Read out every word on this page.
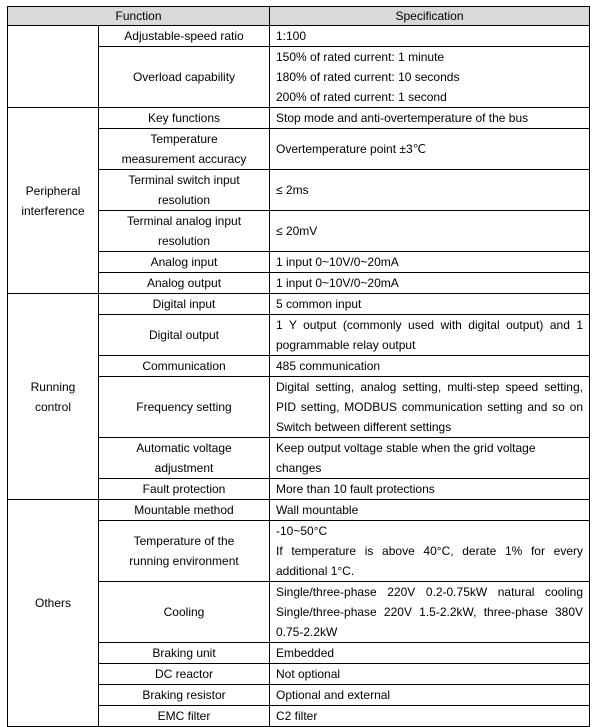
Function		Specification

	Adjustable-speed ratio	1:100

	Overload capability	150% of rated current: 1 minute
180% of rated current: 10 seconds
200% of rated current: 1 second

Peripheral
interference	Key functions	Stop mode and anti-overtemperature of the bus

	Temperature
measurement accuracy	Overtemperature point ±3℃

	Terminal switch input
resolution	≤ 2ms

	Terminal analog input
resolution	≤ 20mV

	Analog input	1 input 0~10V/0~20mA

	Analog output	1 input 0~10V/0~20mA

Running
control	Digital input	5 common input

	Digital output	1 Y output (commonly used with digital output) and 1
pogrammable relay output

	Communication	485 communication

	Frequency setting	Digital setting, analog setting, multi-step speed setting,
PID setting, MODBUS communication setting and so on
Switch between different settings

	Automatic voltage
adjustment	Keep output voltage stable when the grid voltage changes

	Fault protection	More than 10 fault protections

Others	Mountable method	Wall mountable

	Temperature of the
running environment	-10~50°C
If temperature is above 40°C, derate 1% for every
additional 1°C.

	Cooling	Single/three-phase 220V 0.2-0.75kW natural cooling
Single/three-phase 220V 1.5-2.2kW, three-phase 380V
0.75-2.2kW

	Braking unit	Embedded

	DC reactor	Not optional

	Braking resistor	Optional and external

	EMC filter	C2 filter
